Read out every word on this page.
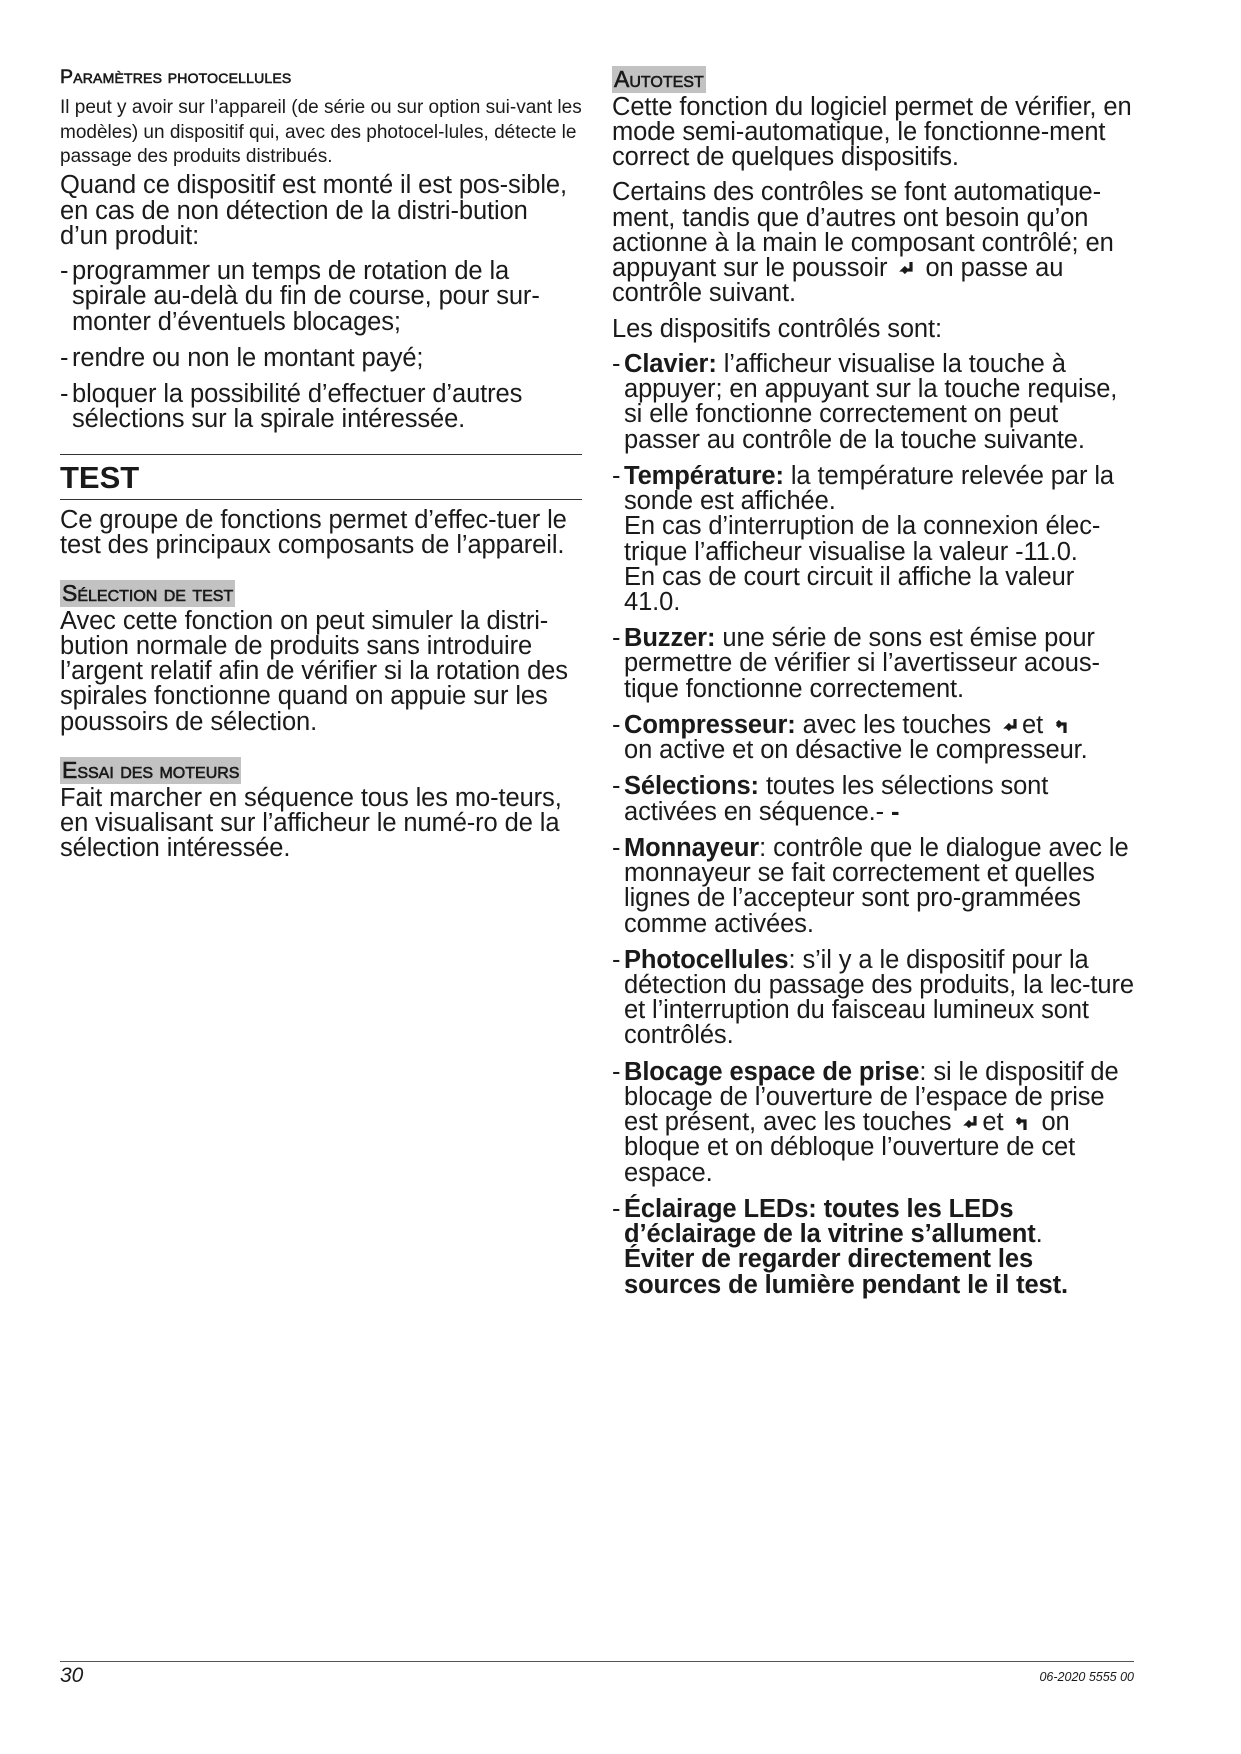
Paramètres photocellules

Il peut y avoir sur l’appareil (de série ou sur option sui-vant les modèles) un dispositif qui, avec des photocel-lules, détecte le passage des produits distribués.

Quand ce dispositif est monté il est pos-sible, en cas de non détection de la distri-bution d’un produit:

- programmer un temps de rotation de la spirale au-delà du fin de course, pour sur-monter d’éventuels blocages;
- rendre ou non le montant payé;
- bloquer la possibilité d’effectuer d’autres sélections sur la spirale intéressée.
TEST

Ce groupe de fonctions permet d’effec-tuer le test des principaux composants de l’appareil.

Sélection de test

Avec cette fonction on peut simuler la distri-bution normale de produits sans introduire l’argent relatif afin de vérifier si la rotation des spirales fonctionne quand on appuie sur les poussoirs de sélection.

Essai des moteurs

Fait marcher en séquence tous les mo-teurs, en visualisant sur l’afficheur le numé-ro de la sélection intéressée.

Autotest

Cette fonction du logiciel permet de vérifier, en mode semi-automatique, le fonctionne-ment correct de quelques dispositifs.

Certains des contrôles se font automatique-ment, tandis que d’autres ont besoin qu’on actionne à la main le composant contrôlé; en appuyant sur le poussoir on passe au contrôle suivant.

Les dispositifs contrôlés sont:

- Clavier: l’afficheur visualise la touche à appuyer; en appuyant sur la touche requise, si elle fonctionne correctement on peut passer au contrôle de la touche suivante.
- Température: la température relevée par la sonde est affichée.
En cas d’interruption de la connexion élec-trique l’afficheur visualise la valeur -11.0.
En cas de court circuit il affiche la valeur 41.0.
- Buzzer: une série de sons est émise pour permettre de vérifier si l’avertisseur acous-tique fonctionne correctement.
- Compresseur: avec les touches et
on active et on désactive le compresseur.
- Sélections: toutes les sélections sont activées en séquence.- -
- Monnayeur: contrôle que le dialogue avec le monnayeur se fait correctement et quelles lignes de l’accepteur sont pro-grammées comme activées.
- Photocellules: s’il y a le dispositif pour la détection du passage des produits, la lec-ture et l’interruption du faisceau lumineux sont contrôlés.
- Blocage espace de prise: si le dispositif de blocage de l’ouverture de l’espace de prise est présent, avec les touches et on bloque et on débloque l’ouverture de cet espace.
- Éclairage LEDs: toutes les LEDs d’éclairage de la vitrine s’allument.
Éviter de regarder directement les sources de lumière pendant le il test.
30	06-2020 5555 00
